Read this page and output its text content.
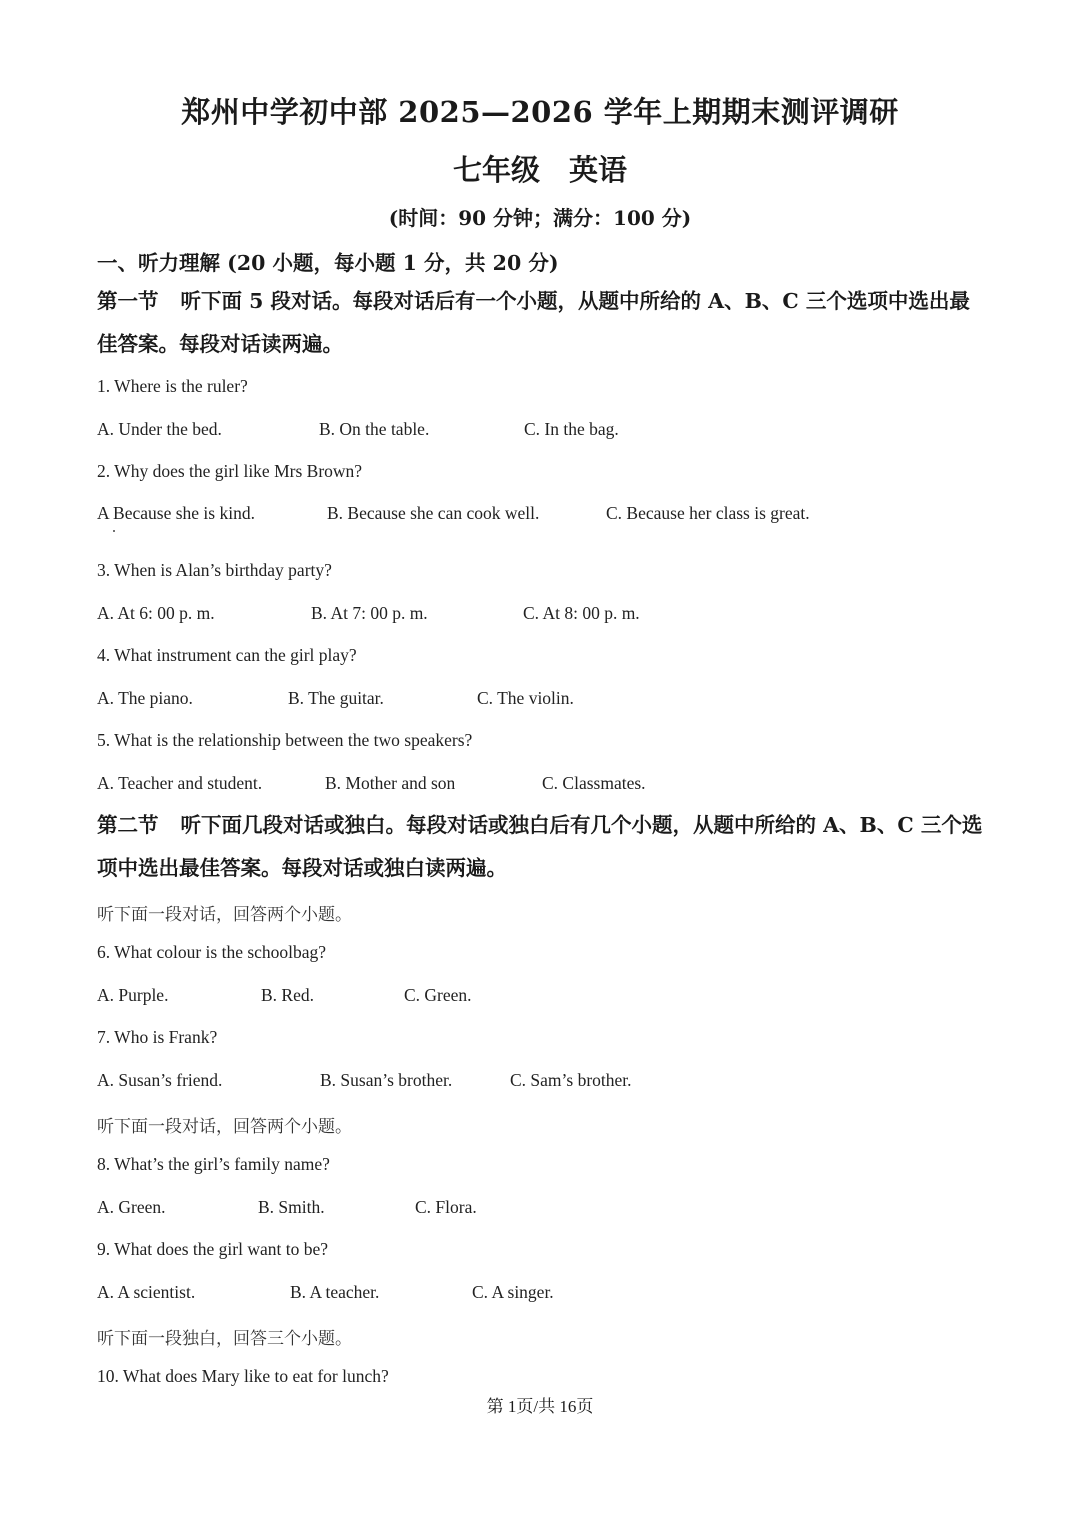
郑州中学初中部 2025—2026 学年上期期末测评调研
七年级　英语
(时间：90 分钟；满分：100 分)
一、听力理解 (20 小题，每小题 1 分，共 20 分)
第一节 听下面 5 段对话。每段对话后有一个小题，从题中所给的 A、B、C 三个选项中选出最佳答案。每段对话读两遍。
1. Where is the ruler?
A. Under the bed.	B. On the table.	C. In the bag.
2. Why does the girl like Mrs Brown?
A Because she is kind.	B. Because she can cook well.	C. Because her class is great.
3. When is Alan’s birthday party?
A. At 6: 00 p. m.	B. At 7: 00 p. m.	C. At 8: 00 p. m.
4. What instrument can the girl play?
A. The piano.	B. The guitar.	C. The violin.
5. What is the relationship between the two speakers?
A. Teacher and student.	B. Mother and son	C. Classmates.
第二节 听下面几段对话或独白。每段对话或独白后有几个小题，从题中所给的 A、B、C 三个选项中选出最佳答案。每段对话或独白读两遍。
听下面一段对话，回答两个小题。
6. What colour is the schoolbag?
A. Purple.	B. Red.	C. Green.
7. Who is Frank?
A. Susan’s friend.	B. Susan’s brother.	C. Sam’s brother.
听下面一段对话，回答两个小题。
8. What’s the girl’s family name?
A. Green.	B. Smith.	C. Flora.
9. What does the girl want to be?
A. A scientist.	B. A teacher.	C. A singer.
听下面一段独白，回答三个小题。
10. What does Mary like to eat for lunch?
第 1页/共 16页
